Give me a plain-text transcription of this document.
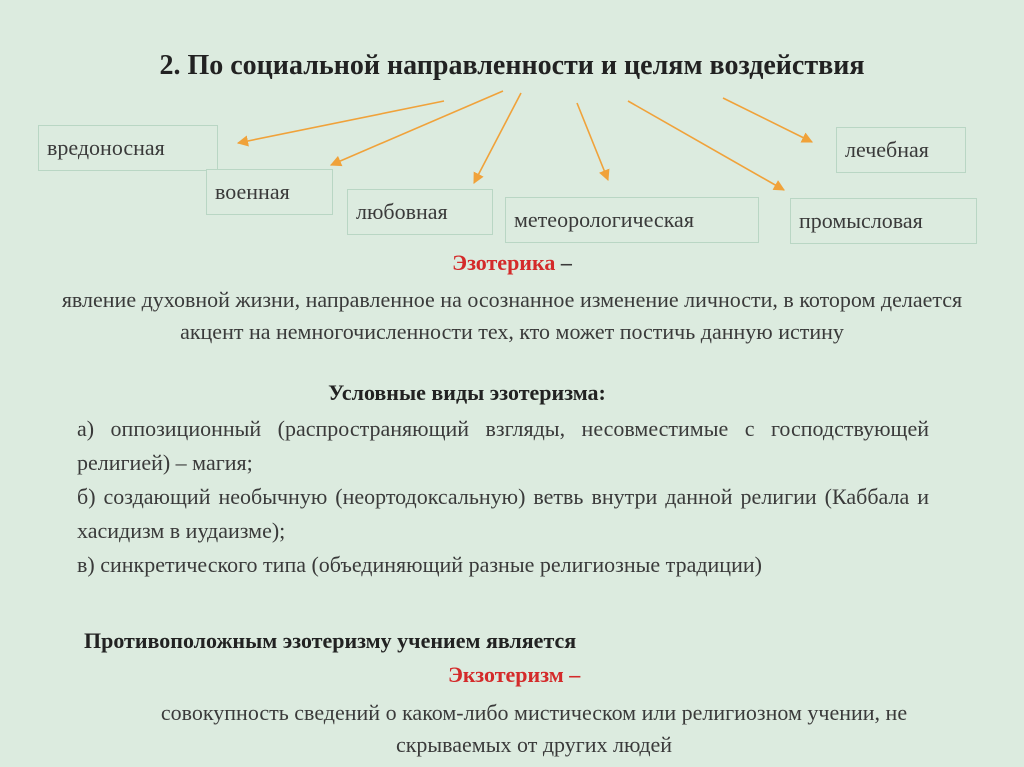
2. По социальной направленности и целям воздействия
вредоносная
военная
любовная	метеорологическая	промысловая
лечебная
Эзотерика –
явление духовной жизни, направленное на осознанное изменение личности, в котором делается акцент на немногочисленности тех, кто может постичь данную истину
Условные виды эзотеризма:

а) оппозиционный (распространяющий взгляды, несовместимые с господствующей религией) – магия;

б) создающий необычную (неортодоксальную) ветвь внутри данной религии (Каббала и хасидизм в иудаизме);

в) синкретического типа (объединяющий разные религиозные традиции)

Противоположным эзотеризму учением является
Экзотеризм –
совокупность сведений о каком-либо мистическом или религиозном учении, не скрываемых от других людей
